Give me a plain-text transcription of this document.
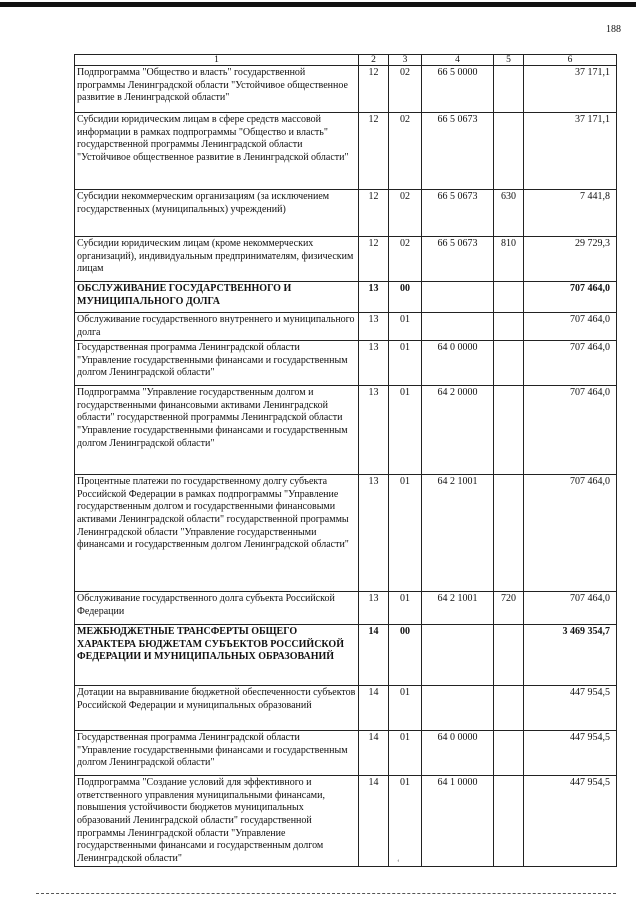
188
1	2	3	4	5	6
Подпрограмма "Общество и власть" государственной программы Ленинградской области "Устойчивое общественное развитие в Ленинградской области"	12	02	66 5 0000		37 171,1
Субсидии юридическим лицам в сфере средств массовой информации в рамках подпрограммы "Общество и власть" государственной программы Ленинградской области "Устойчивое общественное развитие в Ленинградской области"	12	02	66 5 0673		37 171,1
Субсидии некоммерческим организациям (за исключением государственных (муниципальных) учреждений)	12	02	66 5 0673	630	7 441,8
Субсидии юридическим лицам (кроме некоммерческих организаций), индивидуальным предпринимателям, физическим лицам	12	02	66 5 0673	810	29 729,3
ОБСЛУЖИВАНИЕ ГОСУДАРСТВЕННОГО И МУНИЦИПАЛЬНОГО ДОЛГА	13	00			707 464,0
Обслуживание государственного внутреннего и муниципального долга	13	01			707 464,0
Государственная программа Ленинградской области "Управление государственными финансами и государственным долгом Ленинградской области"	13	01	64 0 0000		707 464,0
Подпрограмма "Управление государственным долгом и государственными финансовыми активами Ленинградской области" государственной программы Ленинградской области "Управление государственными финансами и государственным долгом Ленинградской области"	13	01	64 2 0000		707 464,0
Процентные платежи по государственному долгу субъекта Российской Федерации в рамках подпрограммы "Управление государственным долгом и государственными финансовыми активами Ленинградской области" государственной программы Ленинградской области "Управление государственными финансами и государственным долгом Ленинградской области"	13	01	64 2 1001		707 464,0
Обслуживание государственного долга субъекта Российской Федерации	13	01	64 2 1001	720	707 464,0
МЕЖБЮДЖЕТНЫЕ ТРАНСФЕРТЫ ОБЩЕГО ХАРАКТЕРА БЮДЖЕТАМ СУБЪЕКТОВ РОССИЙСКОЙ ФЕДЕРАЦИИ И МУНИЦИПАЛЬНЫХ ОБРАЗОВАНИЙ	14	00			3 469 354,7
Дотации на выравнивание бюджетной обеспеченности субъектов Российской Федерации и муниципальных образований	14	01			447 954,5
Государственная программа Ленинградской области "Управление государственными финансами и государственным долгом Ленинградской области"	14	01	64 0 0000		447 954,5
Подпрограмма "Создание условий для эффективного и ответственного управления муниципальными финансами, повышения устойчивости бюджетов муниципальных образований Ленинградской области" государственной программы Ленинградской области "Управление государственными финансами и государственным долгом Ленинградской области"	14	01	64 1 0000		447 954,5
‘
